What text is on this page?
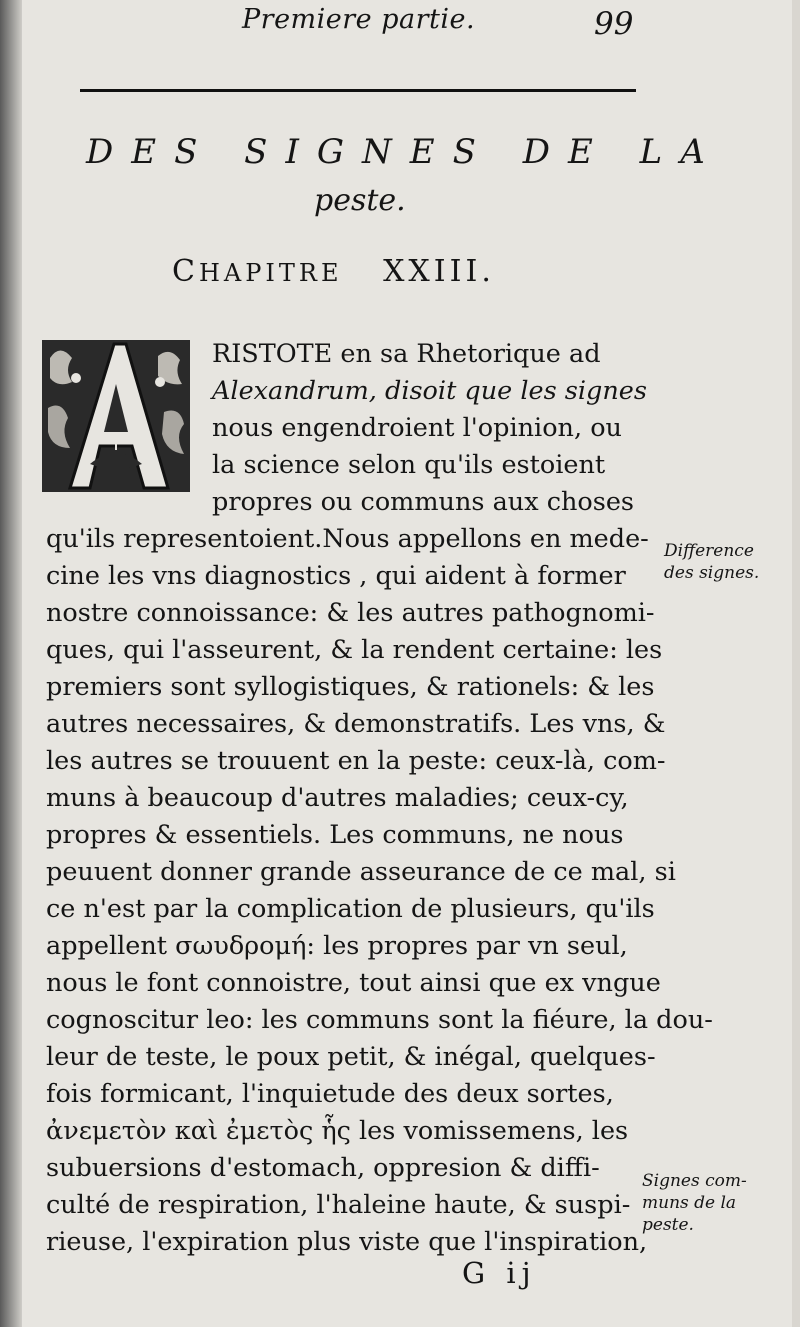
Premiere partie.	99
DES SIGNES DE LA
peste.
CHAPITRE XXIII.
RISTOTE en sa Rhetorique ad
Alexandrum, disoit que les signes
nous engendroient l'opinion, ou
la science selon qu'ils estoient
propres ou communs aux choses
qu'ils representoient.Nous appellons en mede-
cine les vns diagnostics , qui aident à former
nostre connoissance: & les autres pathognomi-
ques, qui l'asseurent, & la rendent certaine: les
premiers sont syllogistiques, & rationels: & les
autres necessaires, & demonstratifs. Les vns, &
les autres se trouuent en la peste: ceux-là, com-
muns à beaucoup d'autres maladies; ceux-cy,
propres & essentiels. Les communs, ne nous
peuuent donner grande asseurance de ce mal, si
ce n'est par la complication de plusieurs, qu'ils
appellent σωυδρομή: les propres par vn seul,
nous le font connoistre, tout ainsi que ex vngue
cognoscitur leo: les communs sont la fiéure, la dou-
leur de teste, le poux petit, & inégal, quelques-
fois formicant, l'inquietude des deux sortes,
ἀνεμετὸν καὶ ἐμετὸς ἧς les vomissemens, les
subuersions d'estomach, oppresion & diffi-
culté de respiration, l'haleine haute, & suspi-
rieuse, l'expiration plus viste que l'inspiration,
Difference
des signes.
Signes com-
muns de la
peste.
G ij
